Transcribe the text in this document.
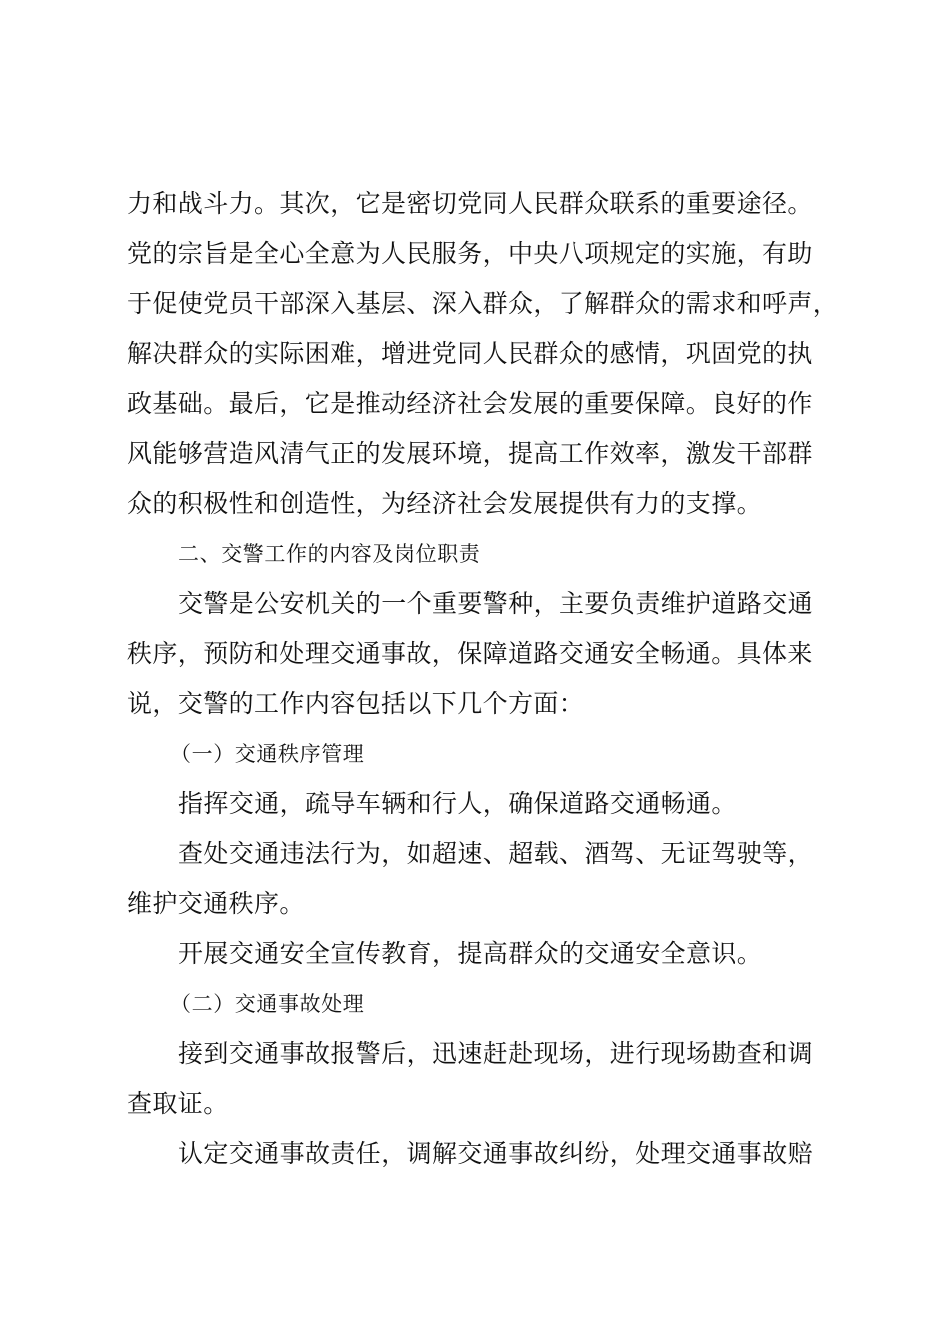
力和战斗力。其次，它是密切党同人民群众联系的重要途径。
党的宗旨是全心全意为人民服务，中央八项规定的实施，有助
于促使党员干部深入基层、深入群众，了解群众的需求和呼声，
解决群众的实际困难，增进党同人民群众的感情，巩固党的执
政基础。最后，它是推动经济社会发展的重要保障。良好的作
风能够营造风清气正的发展环境，提高工作效率，激发干部群
众的积极性和创造性，为经济社会发展提供有力的支撑。
二、交警工作的内容及岗位职责
交警是公安机关的一个重要警种，主要负责维护道路交通
秩序，预防和处理交通事故，保障道路交通安全畅通。具体来
说，交警的工作内容包括以下几个方面：
（一）交通秩序管理
指挥交通，疏导车辆和行人，确保道路交通畅通。
查处交通违法行为，如超速、超载、酒驾、无证驾驶等，
维护交通秩序。
开展交通安全宣传教育，提高群众的交通安全意识。
（二）交通事故处理
接到交通事故报警后，迅速赶赴现场，进行现场勘查和调
查取证。
认定交通事故责任，调解交通事故纠纷，处理交通事故赔
